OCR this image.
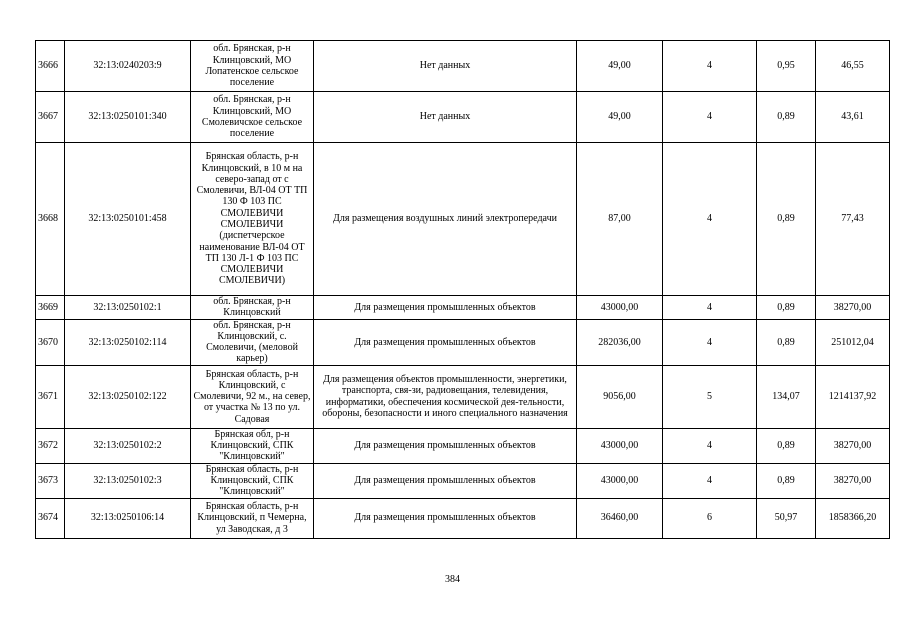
3666	32:13:0240203:9	обл. Брянская, р-н Клинцовский, МО Лопатенское сельское поселение	Нет данных	49,00	4	0,95	46,55
3667	32:13:0250101:340	обл. Брянская, р-н Клинцовский, МО Смолевичское сельское поселение	Нет данных	49,00	4	0,89	43,61
3668	32:13:0250101:458	Брянская область, р-н Клинцовский, в 10 м на северо-запад от с Смолевичи, ВЛ-04 ОТ ТП 130 Ф 103 ПС СМОЛЕВИЧИ СМОЛЕВИЧИ (диспетчерское наименование ВЛ-04 ОТ ТП 130 Л-1 Ф 103 ПС СМОЛЕВИЧИ СМОЛЕВИЧИ)	Для размещения воздушных линий электропередачи	87,00	4	0,89	77,43
3669	32:13:0250102:1	обл. Брянская, р-н Клинцовский	Для размещения промышленных объектов	43000,00	4	0,89	38270,00
3670	32:13:0250102:114	обл. Брянская, р-н Клинцовский, с. Смолевичи, (меловой карьер)	Для размещения промышленных объектов	282036,00	4	0,89	251012,04
3671	32:13:0250102:122	Брянская область, р-н Клинцовский, с Смолевичи, 92 м., на север, от участка № 13 по ул. Садовая	Для размещения объектов промышленности, энергетики, транспорта, свя-зи, радиовещания, телевидения, информатики, обеспечения космической дея-тельности, обороны, безопасности и иного специального назначения	9056,00	5	134,07	1214137,92
3672	32:13:0250102:2	Брянская обл, р-н Клинцовский, СПК "Клинцовский"	Для размещения промышленных объектов	43000,00	4	0,89	38270,00
3673	32:13:0250102:3	Брянская область, р-н Клинцовский, СПК "Клинцовский"	Для размещения промышленных объектов	43000,00	4	0,89	38270,00
3674	32:13:0250106:14	Брянская область, р-н Клинцовский, п Чемерна, ул Заводская, д 3	Для размещения промышленных объектов	36460,00	6	50,97	1858366,20
384
